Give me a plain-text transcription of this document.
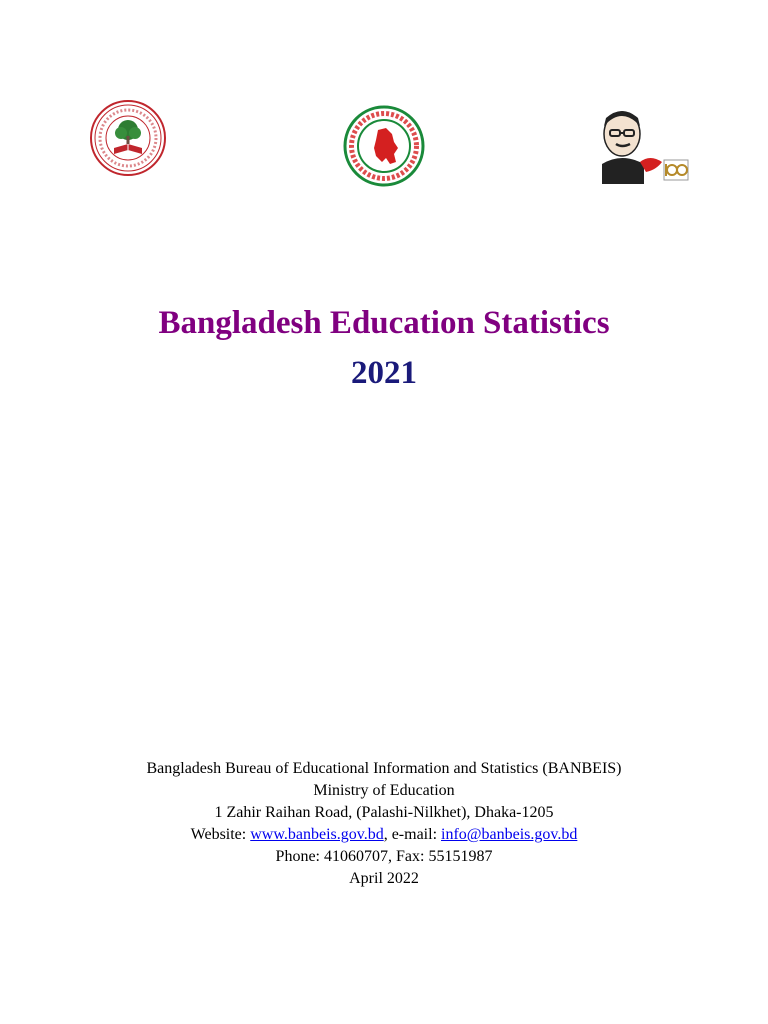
Bangladesh Education Statistics
2021
Bangladesh Bureau of Educational Information and Statistics (BANBEIS)
Ministry of Education
1 Zahir Raihan Road, (Palashi-Nilkhet), Dhaka-1205
Website: www.banbeis.gov.bd, e-mail: info@banbeis.gov.bd
Phone: 41060707, Fax: 55151987
April 2022
